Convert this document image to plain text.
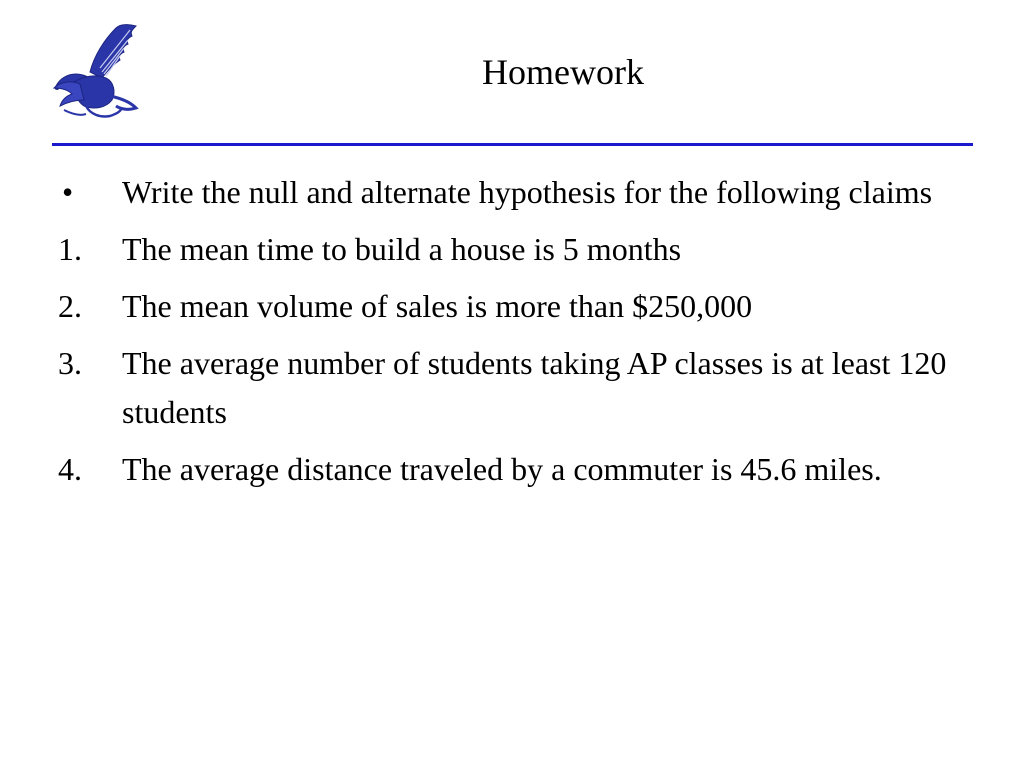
Homework
•	Write the null and alternate hypothesis for the following claims
1.	The mean time to build a house is 5 months
2.	The mean volume of sales is more than $250,000
3.	The average number of students taking AP classes is at least 120 students
4.	The average distance traveled by a commuter is 45.6 miles.
